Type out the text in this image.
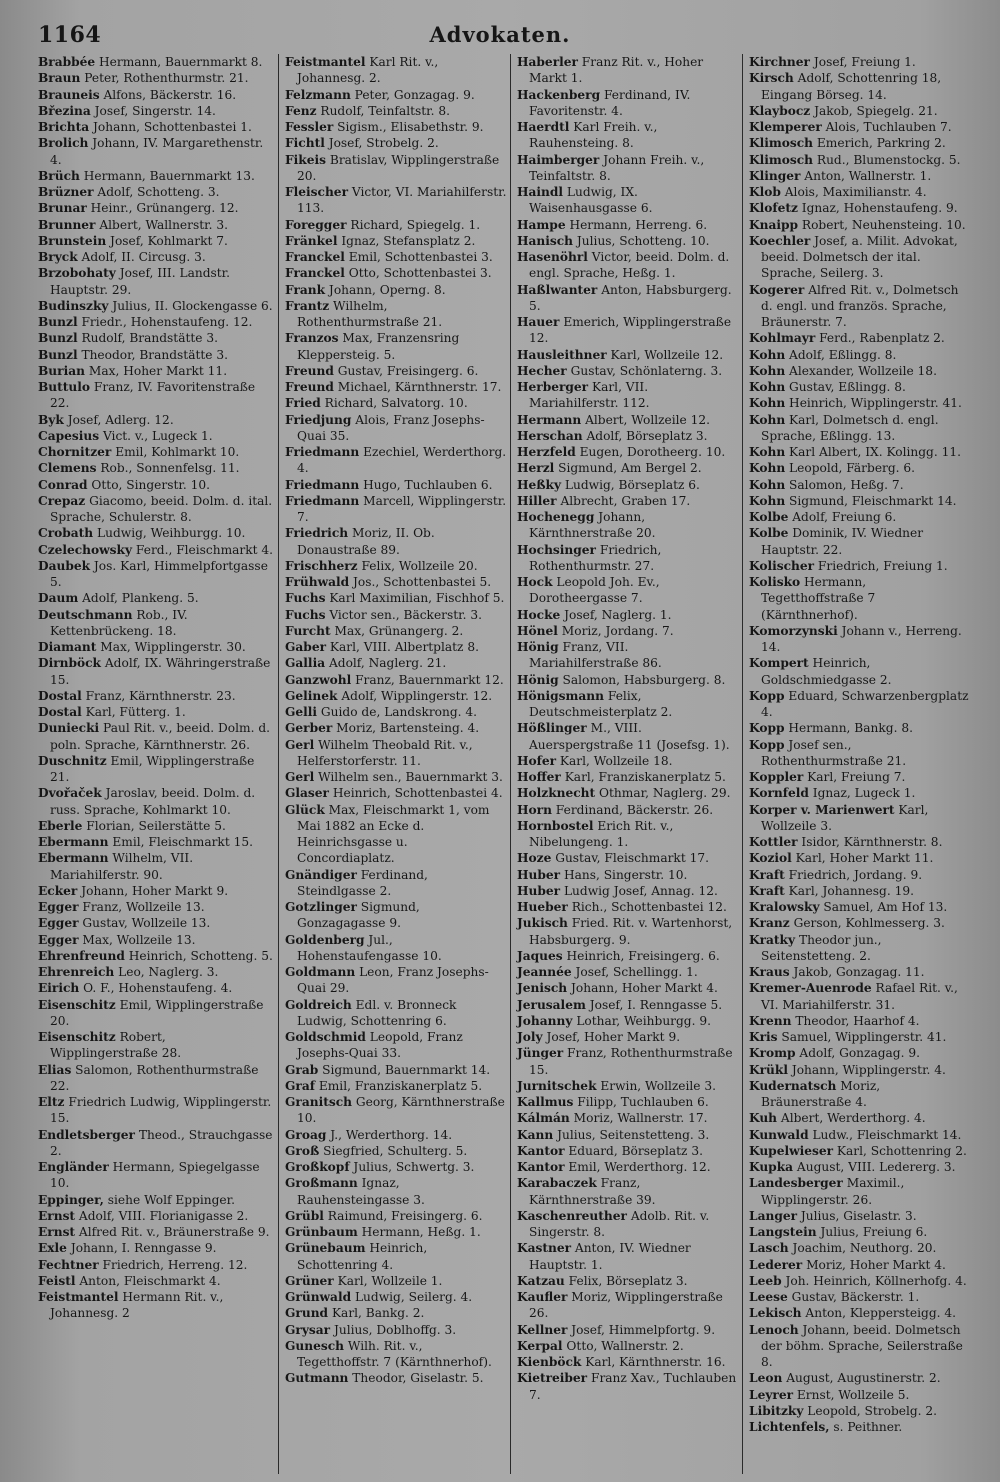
1164	Advokaten.
Brabbée Hermann, Bauernmarkt 8.
Braun Peter, Rothenthurmstr. 21.
Brauneis Alfons, Bäckerstr. 16.
Březina Josef, Singerstr. 14.
Brichta Johann, Schottenbastei 1.
Brolich Johann, IV. Margarethenstr. 4.
Brüch Hermann, Bauernmarkt 13.
Brüzner Adolf, Schotteng. 3.
Brunar Heinr., Grünangerg. 12.
Brunner Albert, Wallnerstr. 3.
Brunstein Josef, Kohlmarkt 7.
Bryck Adolf, II. Circusg. 3.
Brzobohaty Josef, III. Landstr. Hauptstr. 29.
Budinszky Julius, II. Glockengasse 6.
Bunzl Friedr., Hohenstaufeng. 12.
Bunzl Rudolf, Brandstätte 3.
Bunzl Theodor, Brandstätte 3.
Burian Max, Hoher Markt 11.
Buttulo Franz, IV. Favoritenstraße 22.
Byk Josef, Adlerg. 12.
Capesius Vict. v., Lugeck 1.
Chornitzer Emil, Kohlmarkt 10.
Clemens Rob., Sonnenfelsg. 11.
Conrad Otto, Singerstr. 10.
Crepaz Giacomo, beeid. Dolm. d. ital. Sprache, Schulerstr. 8.
Crobath Ludwig, Weihburgg. 10.
Czelechowsky Ferd., Fleischmarkt 4.
Daubek Jos. Karl, Himmelpfortgasse 5.
Daum Adolf, Plankeng. 5.
Deutschmann Rob., IV. Kettenbrückeng. 18.
Diamant Max, Wipplingerstr. 30.
Dirnböck Adolf, IX. Währingerstraße 15.
Dostal Franz, Kärnthnerstr. 23.
Dostal Karl, Fütterg. 1.
Duniecki Paul Rit. v., beeid. Dolm. d. poln. Sprache, Kärnthnerstr. 26.
Duschnitz Emil, Wipplingerstraße 21.
Dvořaček Jaroslav, beeid. Dolm. d. russ. Sprache, Kohlmarkt 10.
Eberle Florian, Seilerstätte 5.
Ebermann Emil, Fleischmarkt 15.
Ebermann Wilhelm, VII. Mariahilferstr. 90.
Ecker Johann, Hoher Markt 9.
Egger Franz, Wollzeile 13.
Egger Gustav, Wollzeile 13.
Egger Max, Wollzeile 13.
Ehrenfreund Heinrich, Schotteng. 5.
Ehrenreich Leo, Naglerg. 3.
Eirich O. F., Hohenstaufeng. 4.
Eisenschitz Emil, Wipplingerstraße 20.
Eisenschitz Robert, Wipplingerstraße 28.
Elias Salomon, Rothenthurmstraße 22.
Eltz Friedrich Ludwig, Wipplingerstr. 15.
Endletsberger Theod., Strauchgasse 2.
Engländer Hermann, Spiegelgasse 10.
Eppinger, siehe Wolf Eppinger.
Ernst Adolf, VIII. Florianigasse 2.
Ernst Alfred Rit. v., Bräunerstraße 9.
Exle Johann, I. Renngasse 9.
Fechtner Friedrich, Herreng. 12.
Feistl Anton, Fleischmarkt 4.
Feistmantel Hermann Rit. v., Johannesg. 2
Feistmantel Karl Rit. v., Johannesg. 2.
Felzmann Peter, Gonzagag. 9.
Fenz Rudolf, Teinfaltstr. 8.
Fessler Sigism., Elisabethstr. 9.
Fichtl Josef, Strobelg. 2.
Fikeis Bratislav, Wipplingerstraße 20.
Fleischer Victor, VI. Mariahilferstr. 113.
Foregger Richard, Spiegelg. 1.
Fränkel Ignaz, Stefansplatz 2.
Franckel Emil, Schottenbastei 3.
Franckel Otto, Schottenbastei 3.
Frank Johann, Operng. 8.
Frantz Wilhelm, Rothenthurmstraße 21.
Franzos Max, Franzensring Kleppersteig. 5.
Freund Gustav, Freisingerg. 6.
Freund Michael, Kärnthnerstr. 17.
Fried Richard, Salvatorg. 10.
Friedjung Alois, Franz Josephs-Quai 35.
Friedmann Ezechiel, Werderthorg. 4.
Friedmann Hugo, Tuchlauben 6.
Friedmann Marcell, Wipplingerstr. 7.
Friedrich Moriz, II. Ob. Donaustraße 89.
Frischherz Felix, Wollzeile 20.
Frühwald Jos., Schottenbastei 5.
Fuchs Karl Maximilian, Fischhof 5.
Fuchs Victor sen., Bäckerstr. 3.
Furcht Max, Grünangerg. 2.
Gaber Karl, VIII. Albertplatz 8.
Gallia Adolf, Naglerg. 21.
Ganzwohl Franz, Bauernmarkt 12.
Gelinek Adolf, Wipplingerstr. 12.
Gelli Guido de, Landskrong. 4.
Gerber Moriz, Bartensteing. 4.
Gerl Wilhelm Theobald Rit. v., Helferstorferstr. 11.
Gerl Wilhelm sen., Bauernmarkt 3.
Glaser Heinrich, Schottenbastei 4.
Glück Max, Fleischmarkt 1, vom Mai 1882 an Ecke d. Heinrichsgasse u. Concordiaplatz.
Gnändiger Ferdinand, Steindlgasse 2.
Gotzlinger Sigmund, Gonzagagasse 9.
Goldenberg Jul., Hohenstaufengasse 10.
Goldmann Leon, Franz Josephs-Quai 29.
Goldreich Edl. v. Bronneck Ludwig, Schottenring 6.
Goldschmid Leopold, Franz Josephs-Quai 33.
Grab Sigmund, Bauernmarkt 14.
Graf Emil, Franziskanerplatz 5.
Granitsch Georg, Kärnthnerstraße 10.
Groag J., Werderthorg. 14.
Groß Siegfried, Schulterg. 5.
Großkopf Julius, Schwertg. 3.
Großmann Ignaz, Rauhensteingasse 3.
Grübl Raimund, Freisingerg. 6.
Grünbaum Hermann, Heßg. 1.
Grünebaum Heinrich, Schottenring 4.
Grüner Karl, Wollzeile 1.
Grünwald Ludwig, Seilerg. 4.
Grund Karl, Bankg. 2.
Grysar Julius, Doblhoffg. 3.
Gunesch Wilh. Rit. v., Tegetthoffstr. 7 (Kärnthnerhof).
Gutmann Theodor, Giselastr. 5.
Haberler Franz Rit. v., Hoher Markt 1.
Hackenberg Ferdinand, IV. Favoritenstr. 4.
Haerdtl Karl Freih. v., Rauhensteing. 8.
Haimberger Johann Freih. v., Teinfaltstr. 8.
Haindl Ludwig, IX. Waisenhausgasse 6.
Hampe Hermann, Herreng. 6.
Hanisch Julius, Schotteng. 10.
Hasenöhrl Victor, beeid. Dolm. d. engl. Sprache, Heßg. 1.
Haßlwanter Anton, Habsburgerg. 5.
Hauer Emerich, Wipplingerstraße 12.
Hausleithner Karl, Wollzeile 12.
Hecher Gustav, Schönlaterng. 3.
Herberger Karl, VII. Mariahilferstr. 112.
Hermann Albert, Wollzeile 12.
Herschan Adolf, Börseplatz 3.
Herzfeld Eugen, Dorotheerg. 10.
Herzl Sigmund, Am Bergel 2.
Heßky Ludwig, Börseplatz 6.
Hiller Albrecht, Graben 17.
Hochenegg Johann, Kärnthnerstraße 20.
Hochsinger Friedrich, Rothenthurmstr. 27.
Hock Leopold Joh. Ev., Dorotheergasse 7.
Hocke Josef, Naglerg. 1.
Hönel Moriz, Jordang. 7.
Hönig Franz, VII. Mariahilferstraße 86.
Hönig Salomon, Habsburgerg. 8.
Hönigsmann Felix, Deutschmeisterplatz 2.
Hößlinger M., VIII. Auerspergstraße 11 (Josefsg. 1).
Hofer Karl, Wollzeile 18.
Hoffer Karl, Franziskanerplatz 5.
Holzknecht Othmar, Naglerg. 29.
Horn Ferdinand, Bäckerstr. 26.
Hornbostel Erich Rit. v., Nibelungeng. 1.
Hoze Gustav, Fleischmarkt 17.
Huber Hans, Singerstr. 10.
Huber Ludwig Josef, Annag. 12.
Hueber Rich., Schottenbastei 12.
Jukisch Fried. Rit. v. Wartenhorst, Habsburgerg. 9.
Jaques Heinrich, Freisingerg. 6.
Jeannée Josef, Schellingg. 1.
Jenisch Johann, Hoher Markt 4.
Jerusalem Josef, I. Renngasse 5.
Johanny Lothar, Weihburgg. 9.
Joly Josef, Hoher Markt 9.
Jünger Franz, Rothenthurmstraße 15.
Jurnitschek Erwin, Wollzeile 3.
Kallmus Filipp, Tuchlauben 6.
Kálmán Moriz, Wallnerstr. 17.
Kann Julius, Seitenstetteng. 3.
Kantor Eduard, Börseplatz 3.
Kantor Emil, Werderthorg. 12.
Karabaczek Franz, Kärnthnerstraße 39.
Kaschenreuther Adolb. Rit. v. Singerstr. 8.
Kastner Anton, IV. Wiedner Hauptstr. 1.
Katzau Felix, Börseplatz 3.
Kaufler Moriz, Wipplingerstraße 26.
Kellner Josef, Himmelpfortg. 9.
Kerpal Otto, Wallnerstr. 2.
Kienböck Karl, Kärnthnerstr. 16.
Kietreiber Franz Xav., Tuchlauben 7.
Kirchner Josef, Freiung 1.
Kirsch Adolf, Schottenring 18, Eingang Börseg. 14.
Klaybocz Jakob, Spiegelg. 21.
Klemperer Alois, Tuchlauben 7.
Klimosch Emerich, Parkring 2.
Klimosch Rud., Blumenstockg. 5.
Klinger Anton, Wallnerstr. 1.
Klob Alois, Maximilianstr. 4.
Klofetz Ignaz, Hohenstaufeng. 9.
Knaipp Robert, Neuhensteing. 10.
Koechler Josef, a. Milit. Advokat, beeid. Dolmetsch der ital. Sprache, Seilerg. 3.
Kogerer Alfred Rit. v., Dolmetsch d. engl. und französ. Sprache, Bräunerstr. 7.
Kohlmayr Ferd., Rabenplatz 2.
Kohn Adolf, Eßlingg. 8.
Kohn Alexander, Wollzeile 18.
Kohn Gustav, Eßlingg. 8.
Kohn Heinrich, Wipplingerstr. 41.
Kohn Karl, Dolmetsch d. engl. Sprache, Eßlingg. 13.
Kohn Karl Albert, IX. Kolingg. 11.
Kohn Leopold, Färberg. 6.
Kohn Salomon, Heßg. 7.
Kohn Sigmund, Fleischmarkt 14.
Kolbe Adolf, Freiung 6.
Kolbe Dominik, IV. Wiedner Hauptstr. 22.
Kolischer Friedrich, Freiung 1.
Kolisko Hermann, Tegetthoffstraße 7 (Kärnthnerhof).
Komorzynski Johann v., Herreng. 14.
Kompert Heinrich, Goldschmiedgasse 2.
Kopp Eduard, Schwarzenbergplatz 4.
Kopp Hermann, Bankg. 8.
Kopp Josef sen., Rothenthurmstraße 21.
Koppler Karl, Freiung 7.
Kornfeld Ignaz, Lugeck 1.
Korper v. Marienwert Karl, Wollzeile 3.
Kottler Isidor, Kärnthnerstr. 8.
Koziol Karl, Hoher Markt 11.
Kraft Friedrich, Jordang. 9.
Kraft Karl, Johannesg. 19.
Kralowsky Samuel, Am Hof 13.
Kranz Gerson, Kohlmesserg. 3.
Kratky Theodor jun., Seitenstetteng. 2.
Kraus Jakob, Gonzagag. 11.
Kremer-Auenrode Rafael Rit. v., VI. Mariahilferstr. 31.
Krenn Theodor, Haarhof 4.
Kris Samuel, Wipplingerstr. 41.
Kromp Adolf, Gonzagag. 9.
Krükl Johann, Wipplingerstr. 4.
Kudernatsch Moriz, Bräunerstraße 4.
Kuh Albert, Werderthorg. 4.
Kunwald Ludw., Fleischmarkt 14.
Kupelwieser Karl, Schottenring 2.
Kupka August, VIII. Ledererg. 3.
Landesberger Maximil., Wipplingerstr. 26.
Langer Julius, Giselastr. 3.
Langstein Julius, Freiung 6.
Lasch Joachim, Neuthorg. 20.
Lederer Moriz, Hoher Markt 4.
Leeb Joh. Heinrich, Köllnerhofg. 4.
Leese Gustav, Bäckerstr. 1.
Lekisch Anton, Kleppersteigg. 4.
Lenoch Johann, beeid. Dolmetsch der böhm. Sprache, Seilerstraße 8.
Leon August, Augustinerstr. 2.
Leyrer Ernst, Wollzeile 5.
Libitzky Leopold, Strobelg. 2.
Lichtenfels, s. Peithner.
